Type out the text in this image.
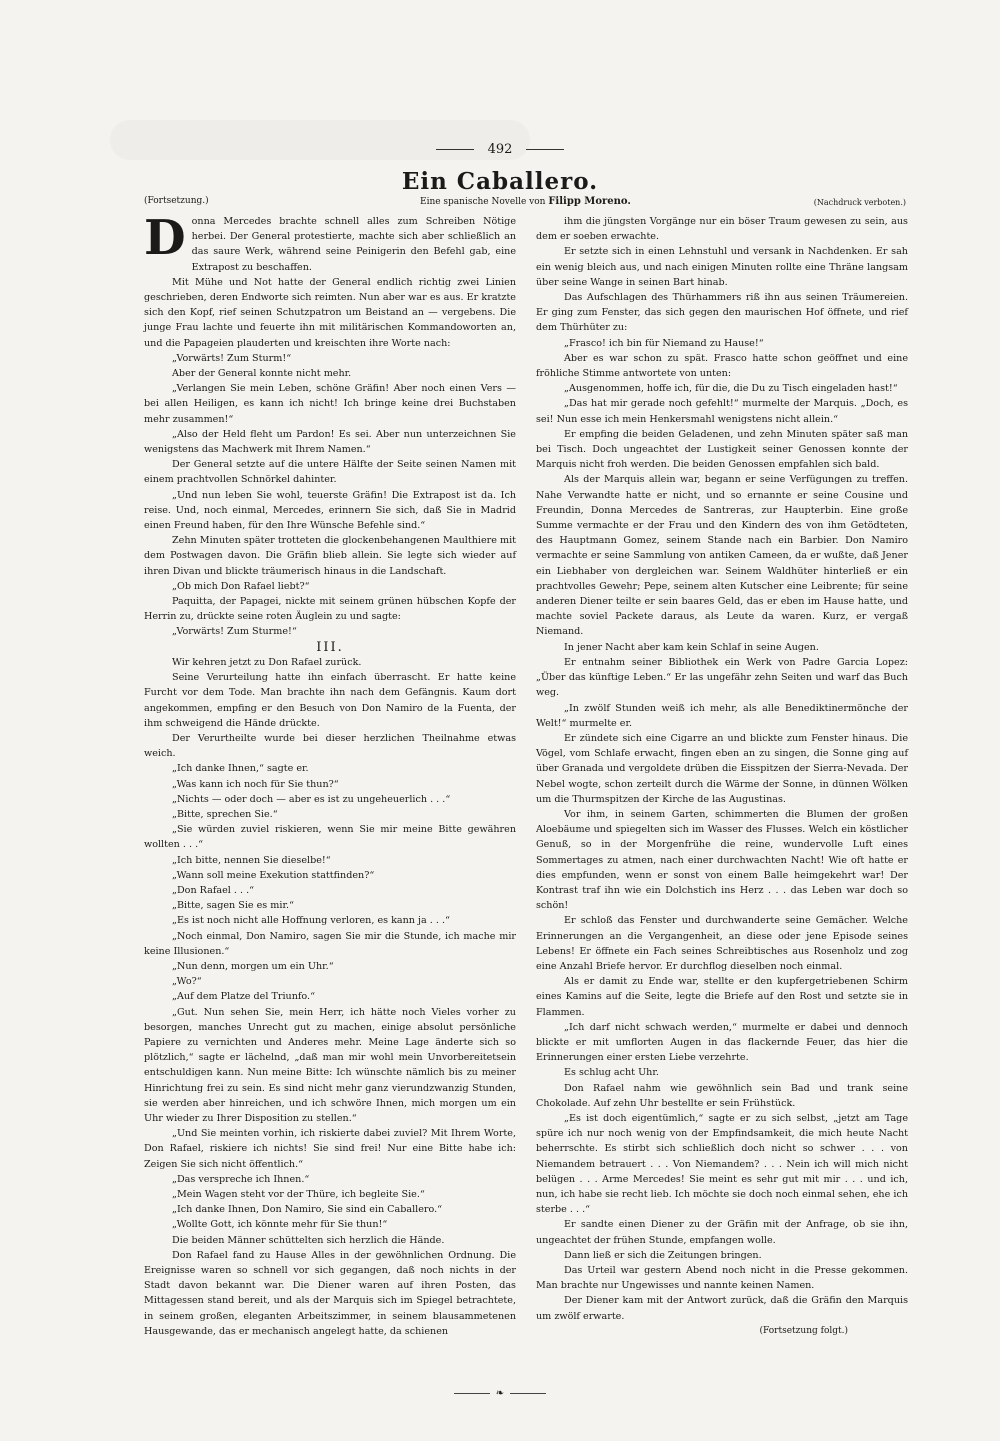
492
Ein Caballero.
(Fortsetzung.)	Eine spanische Novelle von Filipp Moreno.	(Nachdruck verboten.)

Donna Mercedes brachte schnell alles zum Schreiben Nötige herbei. Der General protestierte, machte sich aber schließlich an das saure Werk, während seine Peinigerin den Befehl gab, eine Extrapost zu beschaffen.

Mit Mühe und Not hatte der General endlich richtig zwei Linien geschrieben, deren Endworte sich reimten. Nun aber war es aus. Er kratzte sich den Kopf, rief seinen Schutzpatron um Beistand an — vergebens. Die junge Frau lachte und feuerte ihn mit militärischen Kommandoworten an, und die Papageien plauderten und kreischten ihre Worte nach:

„Vorwärts! Zum Sturm!“

Aber der General konnte nicht mehr.

„Verlangen Sie mein Leben, schöne Gräfin! Aber noch einen Vers — bei allen Heiligen, es kann ich nicht! Ich bringe keine drei Buchstaben mehr zusammen!“

„Also der Held fleht um Pardon! Es sei. Aber nun unterzeichnen Sie wenigstens das Machwerk mit Ihrem Namen.“

Der General setzte auf die untere Hälfte der Seite seinen Namen mit einem prachtvollen Schnörkel dahinter.

„Und nun leben Sie wohl, teuerste Gräfin! Die Extrapost ist da. Ich reise. Und, noch einmal, Mercedes, erinnern Sie sich, daß Sie in Madrid einen Freund haben, für den Ihre Wünsche Befehle sind.“

Zehn Minuten später trotteten die glockenbehangenen Maulthiere mit dem Postwagen davon. Die Gräfin blieb allein. Sie legte sich wieder auf ihren Divan und blickte träumerisch hinaus in die Landschaft.

„Ob mich Don Rafael liebt?“

Paquitta, der Papagei, nickte mit seinem grünen hübschen Kopfe der Herrin zu, drückte seine roten Äuglein zu und sagte:

„Vorwärts! Zum Sturme!“

III.

Wir kehren jetzt zu Don Rafael zurück.

Seine Verurteilung hatte ihn einfach überrascht. Er hatte keine Furcht vor dem Tode. Man brachte ihn nach dem Gefängnis. Kaum dort angekommen, empfing er den Besuch von Don Namiro de la Fuenta, der ihm schweigend die Hände drückte.

Der Verurtheilte wurde bei dieser herzlichen Theilnahme etwas weich.

„Ich danke Ihnen,“ sagte er.

„Was kann ich noch für Sie thun?“

„Nichts — oder doch — aber es ist zu ungeheuerlich . . .“

„Bitte, sprechen Sie.“

„Sie würden zuviel riskieren, wenn Sie mir meine Bitte gewähren wollten . . .“

„Ich bitte, nennen Sie dieselbe!“

„Wann soll meine Exekution stattfinden?“

„Don Rafael . . .“

„Bitte, sagen Sie es mir.“

„Es ist noch nicht alle Hoffnung verloren, es kann ja . . .“

„Noch einmal, Don Namiro, sagen Sie mir die Stunde, ich mache mir keine Illusionen.“

„Nun denn, morgen um ein Uhr.“

„Wo?“

„Auf dem Platze del Triunfo.“

„Gut. Nun sehen Sie, mein Herr, ich hätte noch Vieles vorher zu besorgen, manches Unrecht gut zu machen, einige absolut persönliche Papiere zu vernichten und Anderes mehr. Meine Lage änderte sich so plötzlich,“ sagte er lächelnd, „daß man mir wohl mein Unvorbereitetsein entschuldigen kann. Nun meine Bitte: Ich wünschte nämlich bis zu meiner Hinrichtung frei zu sein. Es sind nicht mehr ganz vierundzwanzig Stunden, sie werden aber hinreichen, und ich schwöre Ihnen, mich morgen um ein Uhr wieder zu Ihrer Disposition zu stellen.“

„Und Sie meinten vorhin, ich riskierte dabei zuviel? Mit Ihrem Worte, Don Rafael, riskiere ich nichts! Sie sind frei! Nur eine Bitte habe ich: Zeigen Sie sich nicht öffentlich.“

„Das verspreche ich Ihnen.“

„Mein Wagen steht vor der Thüre, ich begleite Sie.“

„Ich danke Ihnen, Don Namiro, Sie sind ein Caballero.“

„Wollte Gott, ich könnte mehr für Sie thun!“

Die beiden Männer schüttelten sich herzlich die Hände.

Don Rafael fand zu Hause Alles in der gewöhnlichen Ordnung. Die Ereignisse waren so schnell vor sich gegangen, daß noch nichts in der Stadt davon bekannt war. Die Diener waren auf ihren Posten, das Mittagessen stand bereit, und als der Marquis sich im Spiegel betrachtete, in seinem großen, eleganten Arbeitszimmer, in seinem blausammetenen Hausgewande, das er mechanisch angelegt hatte, da schienen

ihm die jüngsten Vorgänge nur ein böser Traum gewesen zu sein, aus dem er soeben erwachte.

Er setzte sich in einen Lehnstuhl und versank in Nachdenken. Er sah ein wenig bleich aus, und nach einigen Minuten rollte eine Thräne langsam über seine Wange in seinen Bart hinab.

Das Aufschlagen des Thürhammers riß ihn aus seinen Träumereien. Er ging zum Fenster, das sich gegen den maurischen Hof öffnete, und rief dem Thürhüter zu:

„Frasco! ich bin für Niemand zu Hause!“

Aber es war schon zu spät. Frasco hatte schon geöffnet und eine fröhliche Stimme antwortete von unten:

„Ausgenommen, hoffe ich, für die, die Du zu Tisch eingeladen hast!“

„Das hat mir gerade noch gefehlt!“ murmelte der Marquis. „Doch, es sei! Nun esse ich mein Henkersmahl wenigstens nicht allein.“

Er empfing die beiden Geladenen, und zehn Minuten später saß man bei Tisch. Doch ungeachtet der Lustigkeit seiner Genossen konnte der Marquis nicht froh werden. Die beiden Genossen empfahlen sich bald.

Als der Marquis allein war, begann er seine Verfügungen zu treffen. Nahe Verwandte hatte er nicht, und so ernannte er seine Cousine und Freundin, Donna Mercedes de Santreras, zur Haupterbin. Eine große Summe vermachte er der Frau und den Kindern des von ihm Getödteten, des Hauptmann Gomez, seinem Stande nach ein Barbier. Don Namiro vermachte er seine Sammlung von antiken Cameen, da er wußte, daß Jener ein Liebhaber von dergleichen war. Seinem Waldhüter hinterließ er ein prachtvolles Gewehr; Pepe, seinem alten Kutscher eine Leibrente; für seine anderen Diener teilte er sein baares Geld, das er eben im Hause hatte, und machte soviel Packete daraus, als Leute da waren. Kurz, er vergaß Niemand.

In jener Nacht aber kam kein Schlaf in seine Augen.

Er entnahm seiner Bibliothek ein Werk von Padre Garcia Lopez: „Über das künftige Leben.“ Er las ungefähr zehn Seiten und warf das Buch weg.

„In zwölf Stunden weiß ich mehr, als alle Benediktinermönche der Welt!“ murmelte er.

Er zündete sich eine Cigarre an und blickte zum Fenster hinaus. Die Vögel, vom Schlafe erwacht, fingen eben an zu singen, die Sonne ging auf über Granada und vergoldete drüben die Eisspitzen der Sierra-Nevada. Der Nebel wogte, schon zerteilt durch die Wärme der Sonne, in dünnen Wölken um die Thurmspitzen der Kirche de las Augustinas.

Vor ihm, in seinem Garten, schimmerten die Blumen der großen Aloebäume und spiegelten sich im Wasser des Flusses. Welch ein köstlicher Genuß, so in der Morgenfrühe die reine, wundervolle Luft eines Sommertages zu atmen, nach einer durchwachten Nacht! Wie oft hatte er dies empfunden, wenn er sonst von einem Balle heimgekehrt war! Der Kontrast traf ihn wie ein Dolchstich ins Herz . . . das Leben war doch so schön!

Er schloß das Fenster und durchwanderte seine Gemächer. Welche Erinnerungen an die Vergangenheit, an diese oder jene Episode seines Lebens! Er öffnete ein Fach seines Schreibtisches aus Rosenholz und zog eine Anzahl Briefe hervor. Er durchflog dieselben noch einmal.

Als er damit zu Ende war, stellte er den kupfergetriebenen Schirm eines Kamins auf die Seite, legte die Briefe auf den Rost und setzte sie in Flammen.

„Ich darf nicht schwach werden,“ murmelte er dabei und dennoch blickte er mit umflorten Augen in das flackernde Feuer, das hier die Erinnerungen einer ersten Liebe verzehrte.

Es schlug acht Uhr.

Don Rafael nahm wie gewöhnlich sein Bad und trank seine Chokolade. Auf zehn Uhr bestellte er sein Frühstück.

„Es ist doch eigentümlich,“ sagte er zu sich selbst, „jetzt am Tage spüre ich nur noch wenig von der Empfindsamkeit, die mich heute Nacht beherrschte. Es stirbt sich schließlich doch nicht so schwer . . . von Niemandem betrauert . . . Von Niemandem? . . . Nein ich will mich nicht belügen . . . Arme Mercedes! Sie meint es sehr gut mit mir . . . und ich, nun, ich habe sie recht lieb. Ich möchte sie doch noch einmal sehen, ehe ich sterbe . . .“

Er sandte einen Diener zu der Gräfin mit der Anfrage, ob sie ihn, ungeachtet der frühen Stunde, empfangen wolle.

Dann ließ er sich die Zeitungen bringen.

Das Urteil war gestern Abend noch nicht in die Presse gekommen. Man brachte nur Ungewisses und nannte keinen Namen.

Der Diener kam mit der Antwort zurück, daß die Gräfin den Marquis um zwölf erwarte.

(Fortsetzung folgt.)

❧
